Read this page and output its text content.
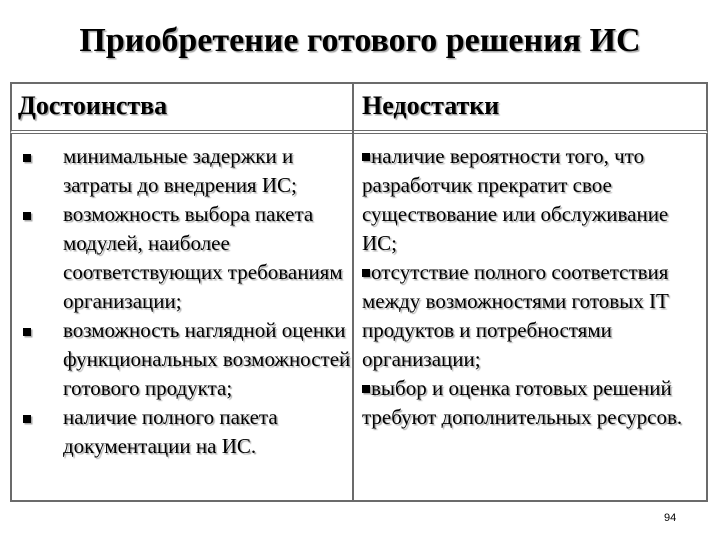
Приобретение готового решения ИС
Достоинства	Недостатки
минимальные задержки и затраты до внедрения ИС;
возможность выбора пакета модулей, наиболее соответствующих требованиям организации;
возможность наглядной оценки функциональных возможностей готового продукта;
наличие полного пакета документации на ИС.
наличие вероятности того, что разработчик прекратит свое существование или обслуживание ИС;
отсутствие полного соответствия между возможностями готовых IT продуктов и потребностями организации;
выбор и оценка готовых решений требуют дополнительных ресурсов.
94
